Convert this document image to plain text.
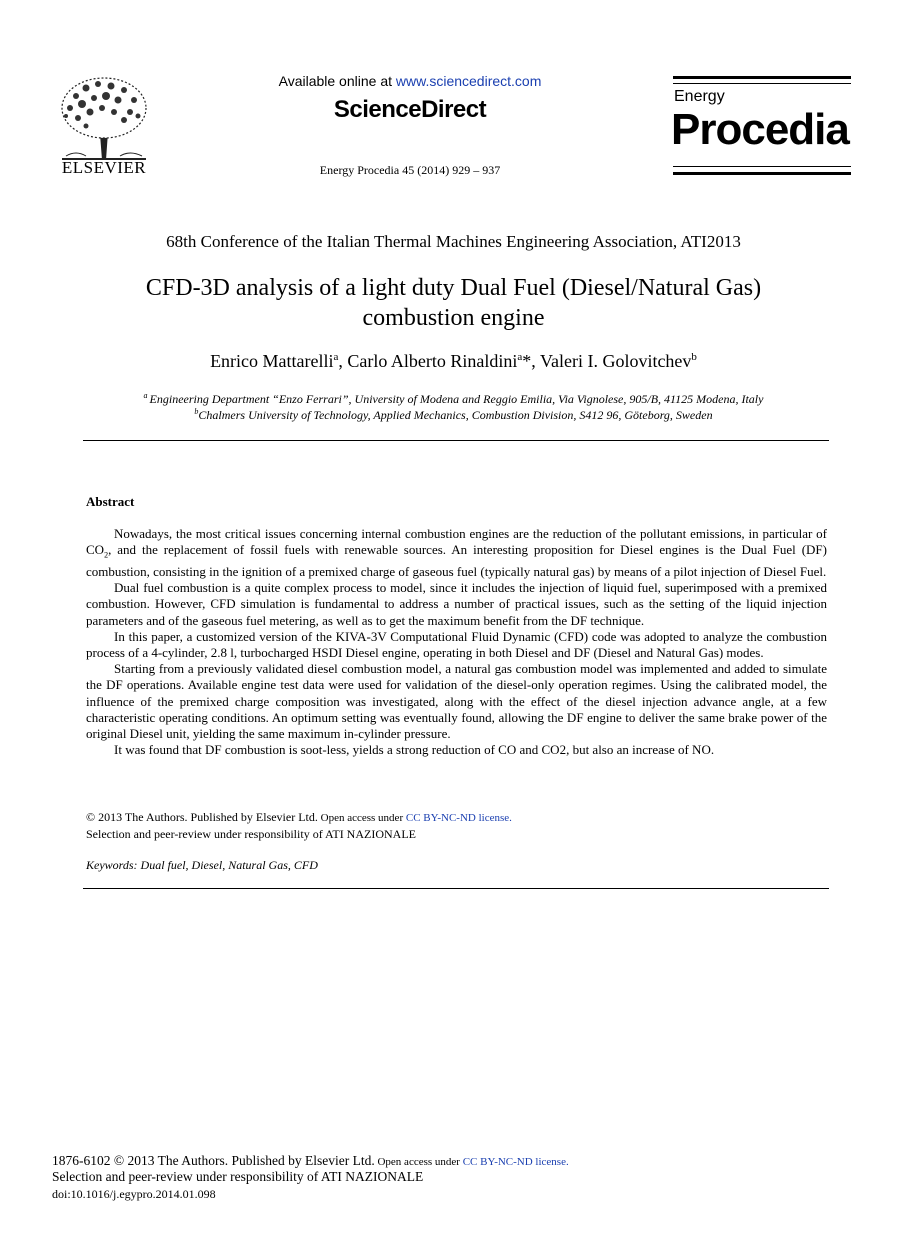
ELSEVIER
Available online at www.sciencedirect.com
ScienceDirect
Energy Procedia 45 (2014) 929 – 937
Energy
Procedia
68th Conference of the Italian Thermal Machines Engineering Association, ATI2013
CFD-3D analysis of a light duty Dual Fuel (Diesel/Natural Gas)
combustion engine
Enrico Mattarelli$^a$, Carlo Alberto Rinaldini$^a$*, Valeri I. Golovitchev$^b$
$^a$ Engineering Department “Enzo Ferrari”, University of Modena and Reggio Emilia, Via Vignolese, 905/B, 41125 Modena, Italy
$^b$Chalmers University of Technology, Applied Mechanics, Combustion Division, S412 96, Göteborg, Sweden
Abstract

Nowadays, the most critical issues concerning internal combustion engines are the reduction of the pollutant emissions, in particular of $CO_2$, and the replacement of fossil fuels with renewable sources. An interesting proposition for Diesel engines is the Dual Fuel (DF) combustion, consisting in the ignition of a premixed charge of gaseous fuel (typically natural gas) by means of a pilot injection of Diesel Fuel.

Dual fuel combustion is a quite complex process to model, since it includes the injection of liquid fuel, superimposed with a premixed combustion. However, CFD simulation is fundamental to address a number of practical issues, such as the setting of the liquid injection parameters and of the gaseous fuel metering, as well as to get the maximum benefit from the DF technique.

In this paper, a customized version of the KIVA-3V Computational Fluid Dynamic (CFD) code was adopted to analyze the combustion process of a 4-cylinder, 2.8 l, turbocharged HSDI Diesel engine, operating in both Diesel and DF (Diesel and Natural Gas) modes.

Starting from a previously validated diesel combustion model, a natural gas combustion model was implemented and added to simulate the DF operations. Available engine test data were used for validation of the diesel-only operation regimes. Using the calibrated model, the influence of the premixed charge composition was investigated, along with the effect of the diesel injection advance angle, at a few characteristic operating conditions. An optimum setting was eventually found, allowing the DF engine to deliver the same brake power of the original Diesel unit, yielding the same maximum in-cylinder pressure.

It was found that DF combustion is soot-less, yields a strong reduction of CO and CO2, but also an increase of NO.

© 2013 The Authors. Published by Elsevier Ltd. Open access under CC BY-NC-ND license.
Selection and peer-review under responsibility of ATI NAZIONALE
Keywords: Dual fuel, Diesel, Natural Gas, CFD
1876-6102 © 2013 The Authors. Published by Elsevier Ltd. Open access under CC BY-NC-ND license.
Selection and peer-review under responsibility of ATI NAZIONALE
doi:10.1016/j.egypro.2014.01.098
